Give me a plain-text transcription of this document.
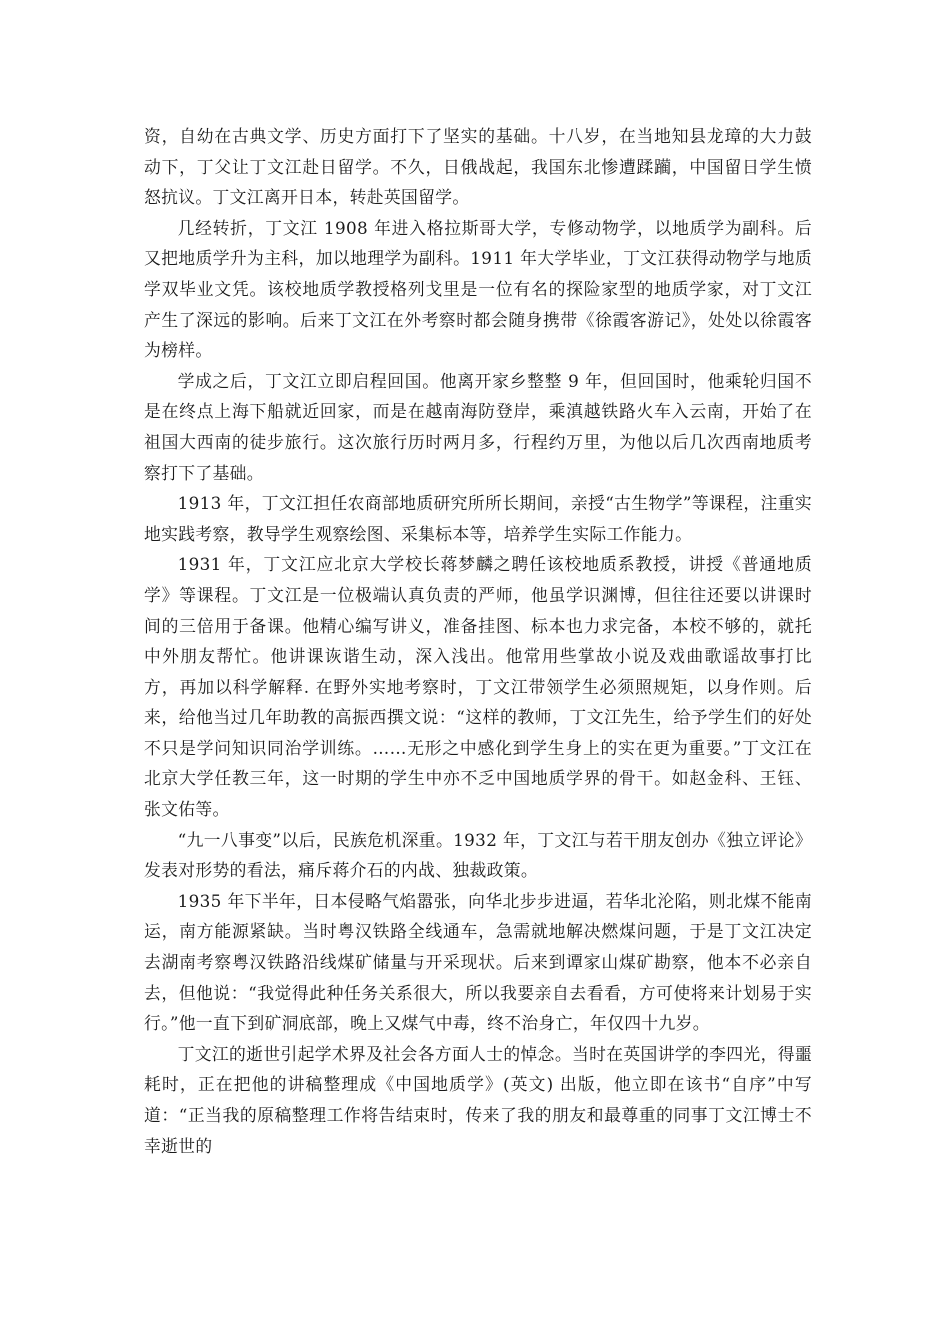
资，自幼在古典文学、历史方面打下了坚实的基础。十八岁，在当地知县龙璋的大力鼓动下，丁父让丁文江赴日留学。不久，日俄战起，我国东北惨遭蹂躏，中国留日学生愤怒抗议。丁文江离开日本，转赴英国留学。

几经转折，丁文江 1908 年进入格拉斯哥大学，专修动物学，以地质学为副科。后又把地质学升为主科，加以地理学为副科。1911 年大学毕业，丁文江获得动物学与地质学双毕业文凭。该校地质学教授格列戈里是一位有名的探险家型的地质学家，对丁文江产生了深远的影响。后来丁文江在外考察时都会随身携带《徐霞客游记》，处处以徐霞客为榜样。

学成之后，丁文江立即启程回国。他离开家乡整整 9 年，但回国时，他乘轮归国不是在终点上海下船就近回家，而是在越南海防登岸，乘滇越铁路火车入云南，开始了在祖国大西南的徒步旅行。这次旅行历时两月多，行程约万里，为他以后几次西南地质考察打下了基础。

1913 年，丁文江担任农商部地质研究所所长期间，亲授“古生物学”等课程，注重实地实践考察，教导学生观察绘图、采集标本等，培养学生实际工作能力。

1931 年，丁文江应北京大学校长蒋梦麟之聘任该校地质系教授，讲授《普通地质学》等课程。丁文江是一位极端认真负责的严师，他虽学识渊博，但往往还要以讲课时间的三倍用于备课。他精心编写讲义，准备挂图、标本也力求完备，本校不够的，就托中外朋友帮忙。他讲课诙谐生动，深入浅出。他常用些掌故小说及戏曲歌谣故事打比方，再加以科学解释. 在野外实地考察时，丁文江带领学生必须照规矩，以身作则。后来，给他当过几年助教的高振西撰文说：“这样的教师，丁文江先生，给予学生们的好处不只是学问知识同治学训练。……无形之中感化到学生身上的实在更为重要。”丁文江在北京大学任教三年，这一时期的学生中亦不乏中国地质学界的骨干。如赵金科、王钰、张文佑等。

“九一八事变”以后，民族危机深重。1932 年，丁文江与若干朋友创办《独立评论》发表对形势的看法，痛斥蒋介石的内战、独裁政策。

1935 年下半年，日本侵略气焰嚣张，向华北步步进逼，若华北沦陷，则北煤不能南运，南方能源紧缺。当时粤汉铁路全线通车，急需就地解决燃煤问题，于是丁文江决定去湖南考察粤汉铁路沿线煤矿储量与开采现状。后来到谭家山煤矿勘察，他本不必亲自去，但他说：“我觉得此种任务关系很大，所以我要亲自去看看，方可使将来计划易于实行。”他一直下到矿洞底部，晚上又煤气中毒，终不治身亡，年仅四十九岁。

丁文江的逝世引起学术界及社会各方面人士的悼念。当时在英国讲学的李四光，得噩耗时，正在把他的讲稿整理成《中国地质学》(英文) 出版，他立即在该书“自序”中写道：“正当我的原稿整理工作将告结束时，传来了我的朋友和最尊重的同事丁文江博士不幸逝世的
